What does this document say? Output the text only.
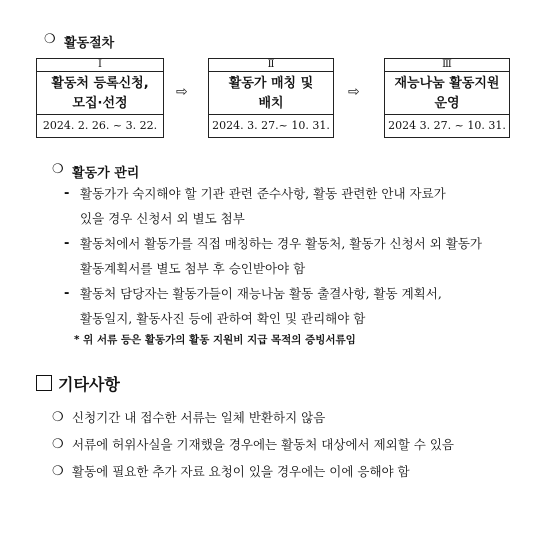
❍ 활동절차
Ⅰ
활동처 등록신청,
모집·선정
2024. 2. 26. ~ 3. 22.
⇨
Ⅱ
활동가 매칭 및
배치
2024. 3. 27.~ 10. 31.
⇨
Ⅲ
재능나눔 활동지원
운영
2024 3. 27. ~ 10. 31.
❍ 활동가 관리
- 활동가가 숙지해야 할 기관 관련 준수사항, 활동 관련한 안내 자료가
있을 경우 신청서 외 별도 첨부
- 활동처에서 활동가를 직접 매칭하는 경우 활동처, 활동가 신청서 외 활동가
활동계획서를 별도 첨부 후 승인받아야 함
- 활동처 담당자는 활동가들이 재능나눔 활동 출결사항, 활동 계획서,
활동일지, 활동사진 등에 관하여 확인 및 관리해야 함
* 위 서류 등은 활동가의 활동 지원비 지급 목적의 증빙서류임
기타사항
❍ 신청기간 내 접수한 서류는 일체 반환하지 않음
❍ 서류에 허위사실을 기재했을 경우에는 활동처 대상에서 제외할 수 있음
❍ 활동에 필요한 추가 자료 요청이 있을 경우에는 이에 응해야 함
